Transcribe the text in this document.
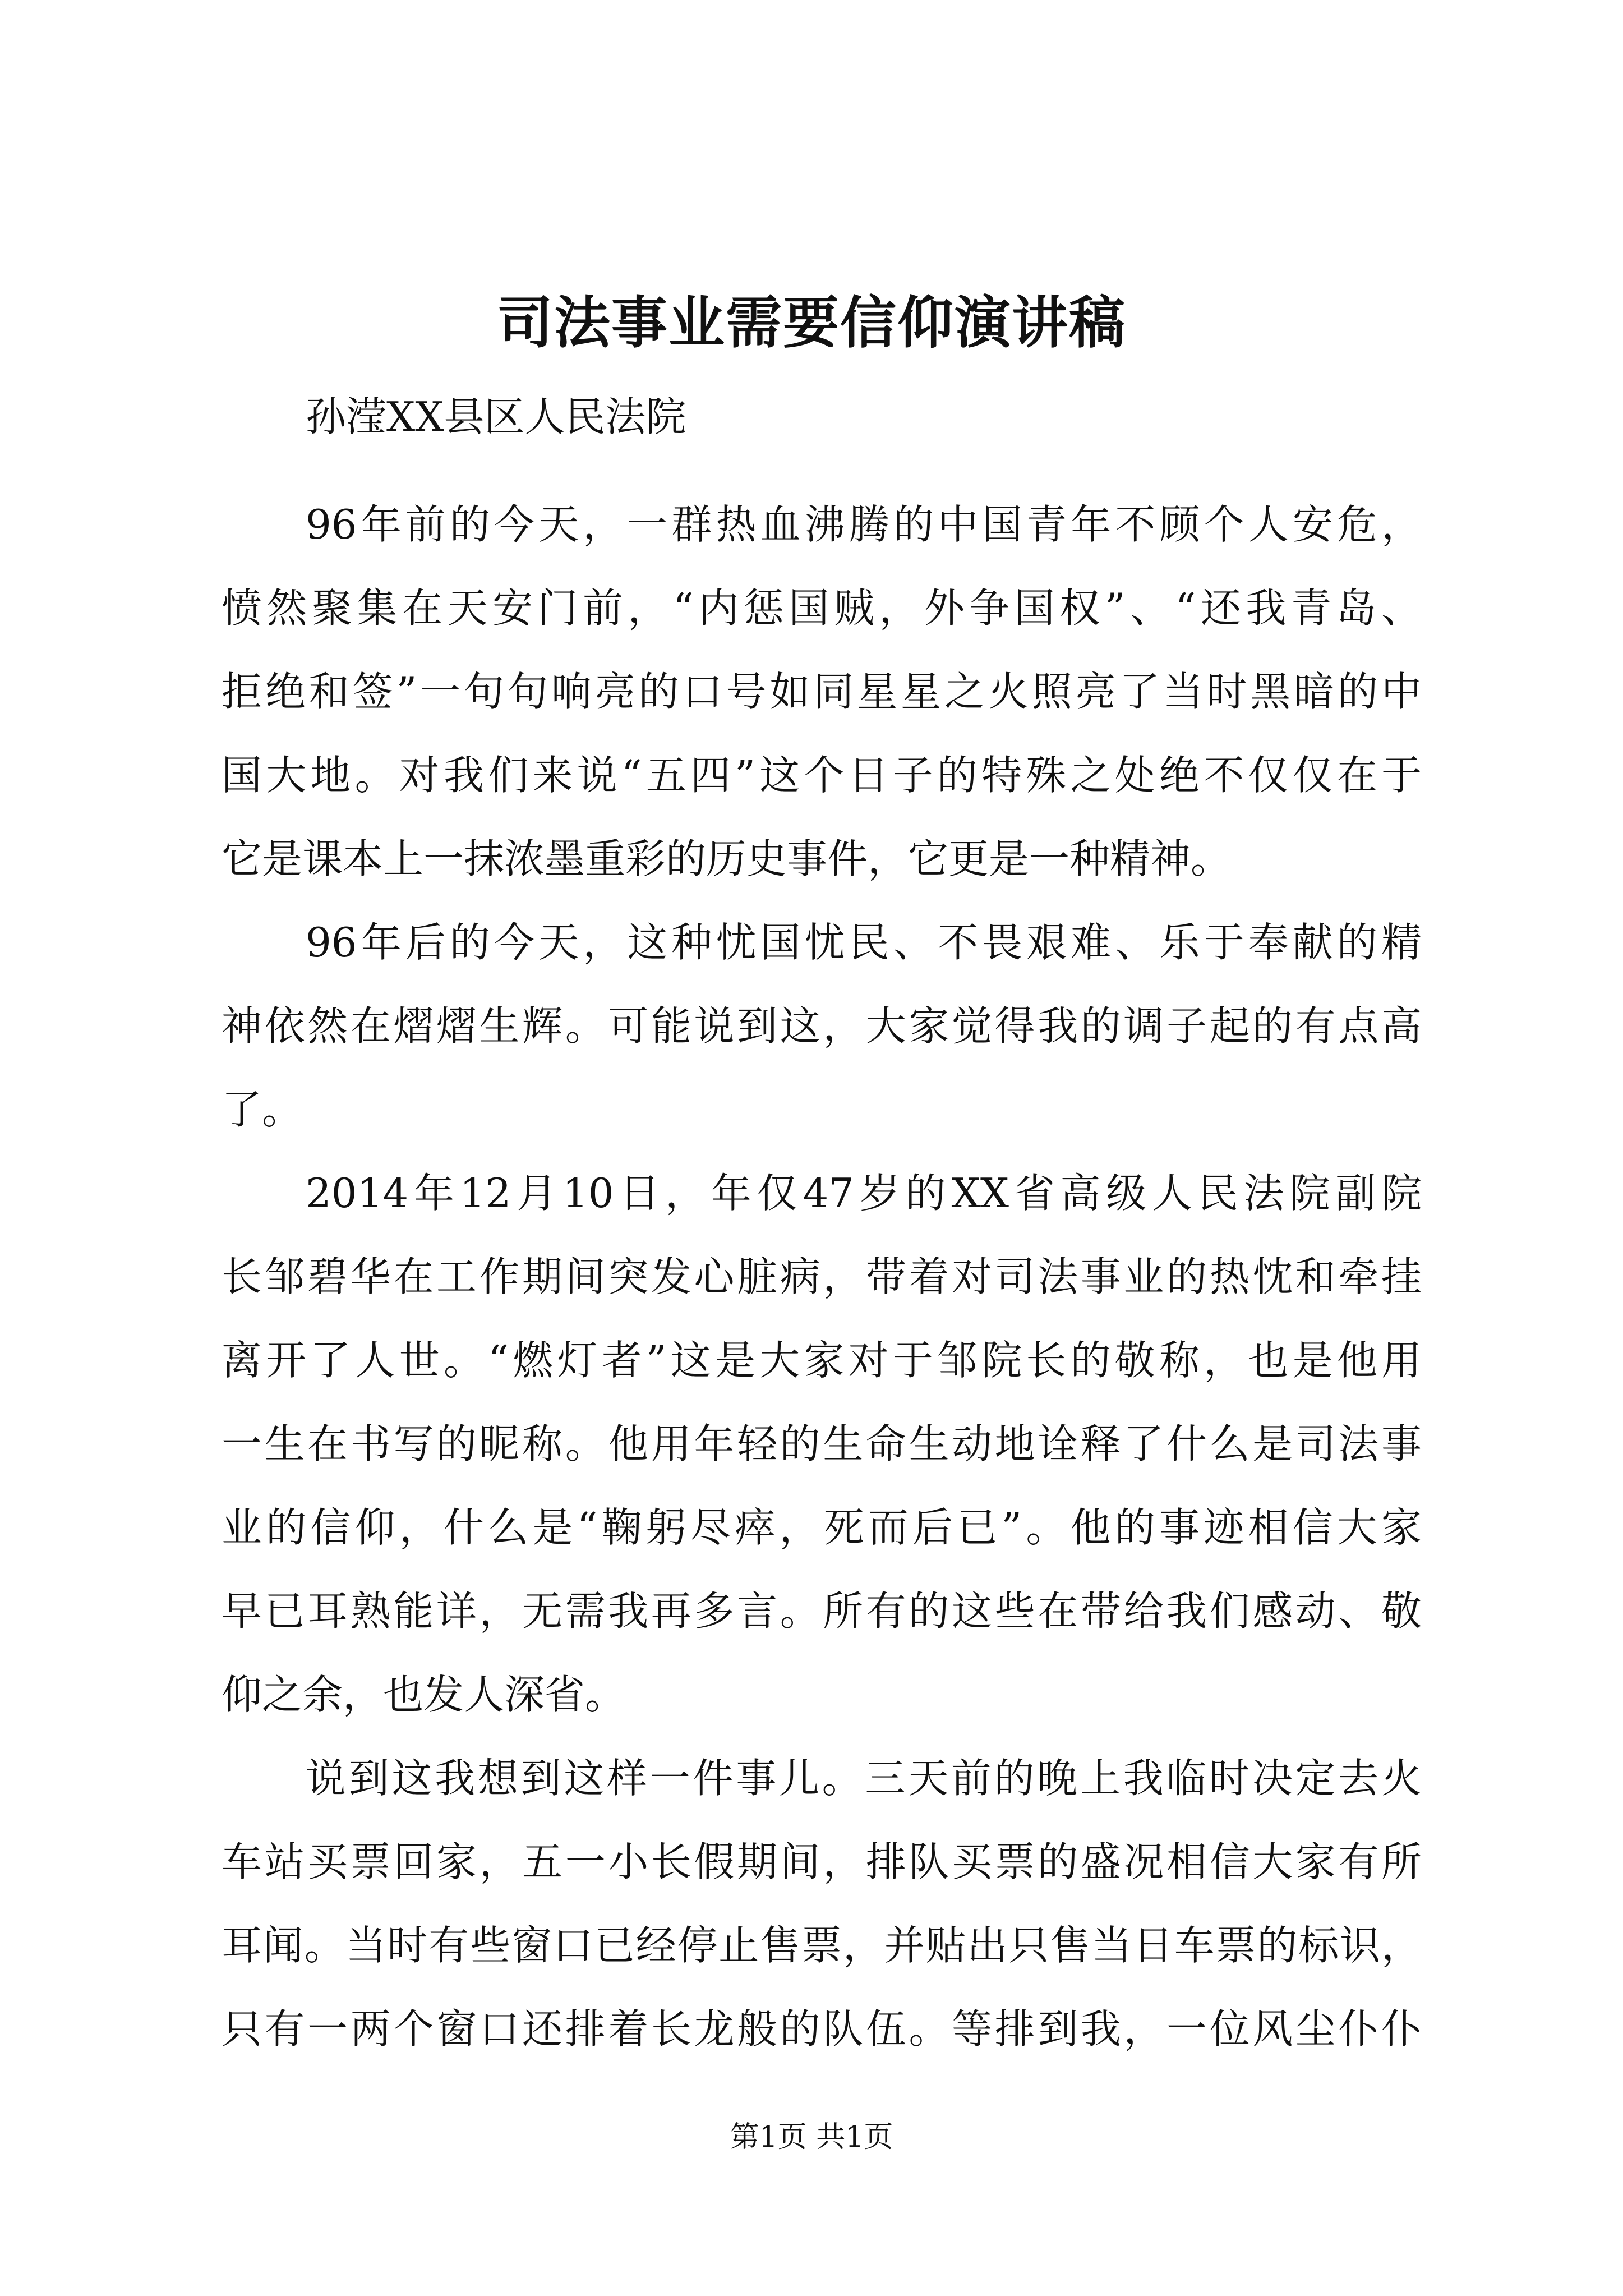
司法事业需要信仰演讲稿

孙滢XX县区人民法院

96年前的今天，一群热血沸腾的中国青年不顾个人安危，

愤然聚集在天安门前，“内惩国贼，外争国权”、“还我青岛、

拒绝和签”一句句响亮的口号如同星星之火照亮了当时黑暗的中

国大地。对我们来说“五四”这个日子的特殊之处绝不仅仅在于

它是课本上一抹浓墨重彩的历史事件，它更是一种精神。

96年后的今天，这种忧国忧民、不畏艰难、乐于奉献的精

神依然在熠熠生辉。可能说到这，大家觉得我的调子起的有点高

了。

2014年12月10日，年仅47岁的XX省高级人民法院副院

长邹碧华在工作期间突发心脏病，带着对司法事业的热忱和牵挂

离开了人世。“燃灯者”这是大家对于邹院长的敬称，也是他用

一生在书写的昵称。他用年轻的生命生动地诠释了什么是司法事

业的信仰，什么是“鞠躬尽瘁，死而后已”。他的事迹相信大家

早已耳熟能详，无需我再多言。所有的这些在带给我们感动、敬

仰之余，也发人深省。

说到这我想到这样一件事儿。三天前的晚上我临时决定去火

车站买票回家，五一小长假期间，排队买票的盛况相信大家有所

耳闻。当时有些窗口已经停止售票，并贴出只售当日车票的标识，

只有一两个窗口还排着长龙般的队伍。等排到我，一位风尘仆仆

第1页 共1页
